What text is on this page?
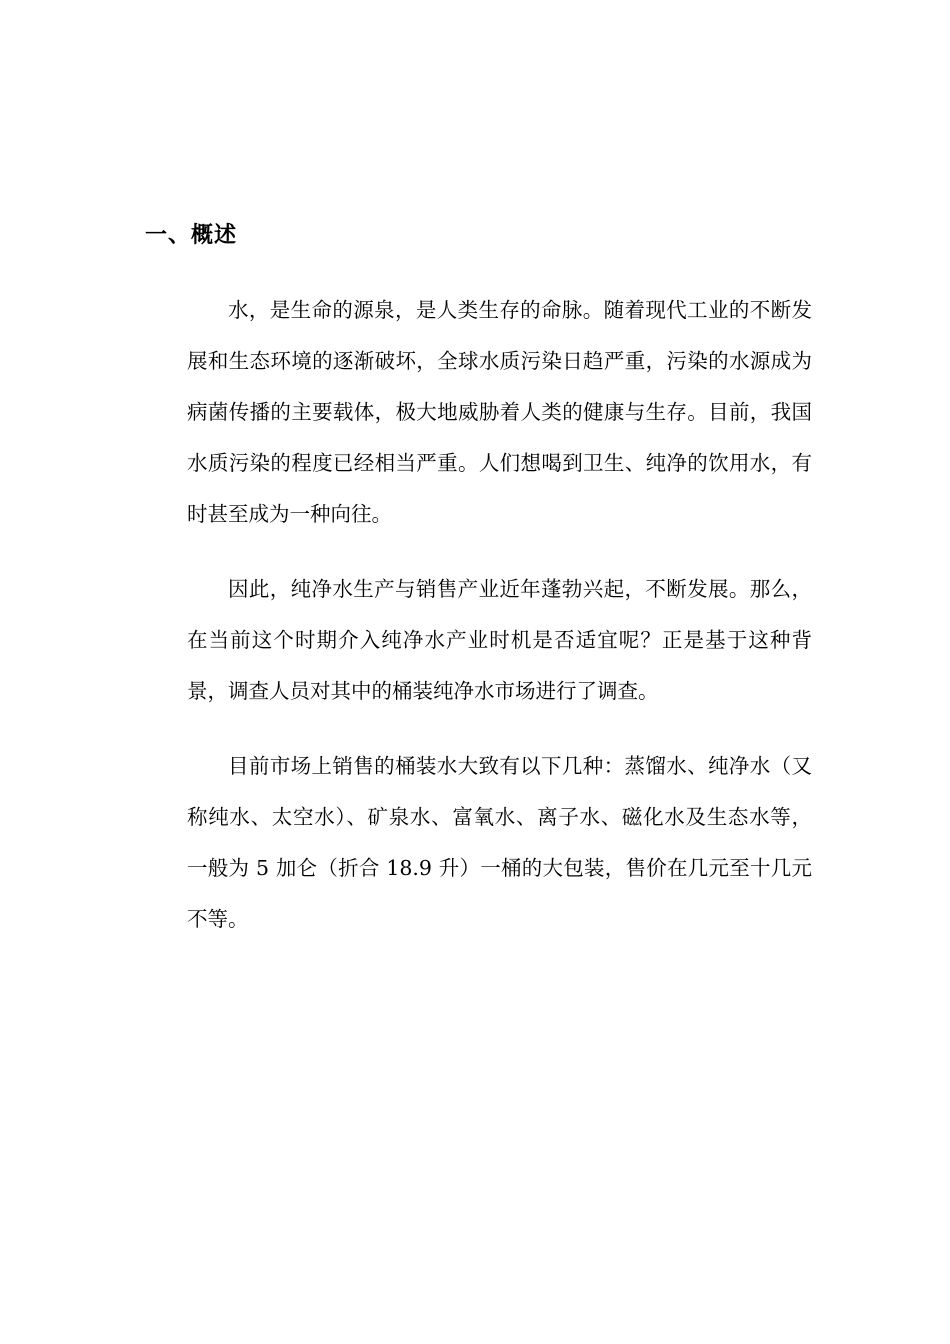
一、概述

水，是生命的源泉，是人类生存的命脉。随着现代工业的不断发展和生态环境的逐渐破坏，全球水质污染日趋严重，污染的水源成为病菌传播的主要载体，极大地威胁着人类的健康与生存。目前，我国水质污染的程度已经相当严重。人们想喝到卫生、纯净的饮用水，有时甚至成为一种向往。

因此，纯净水生产与销售产业近年蓬勃兴起，不断发展。那么，在当前这个时期介入纯净水产业时机是否适宜呢？正是基于这种背景，调查人员对其中的桶装纯净水市场进行了调查。

目前市场上销售的桶装水大致有以下几种：蒸馏水、纯净水（又称纯水、太空水）、矿泉水、富氧水、离子水、磁化水及生态水等，一般为 5 加仑（折合 18.9 升）一桶的大包装，售价在几元至十几元不等。
